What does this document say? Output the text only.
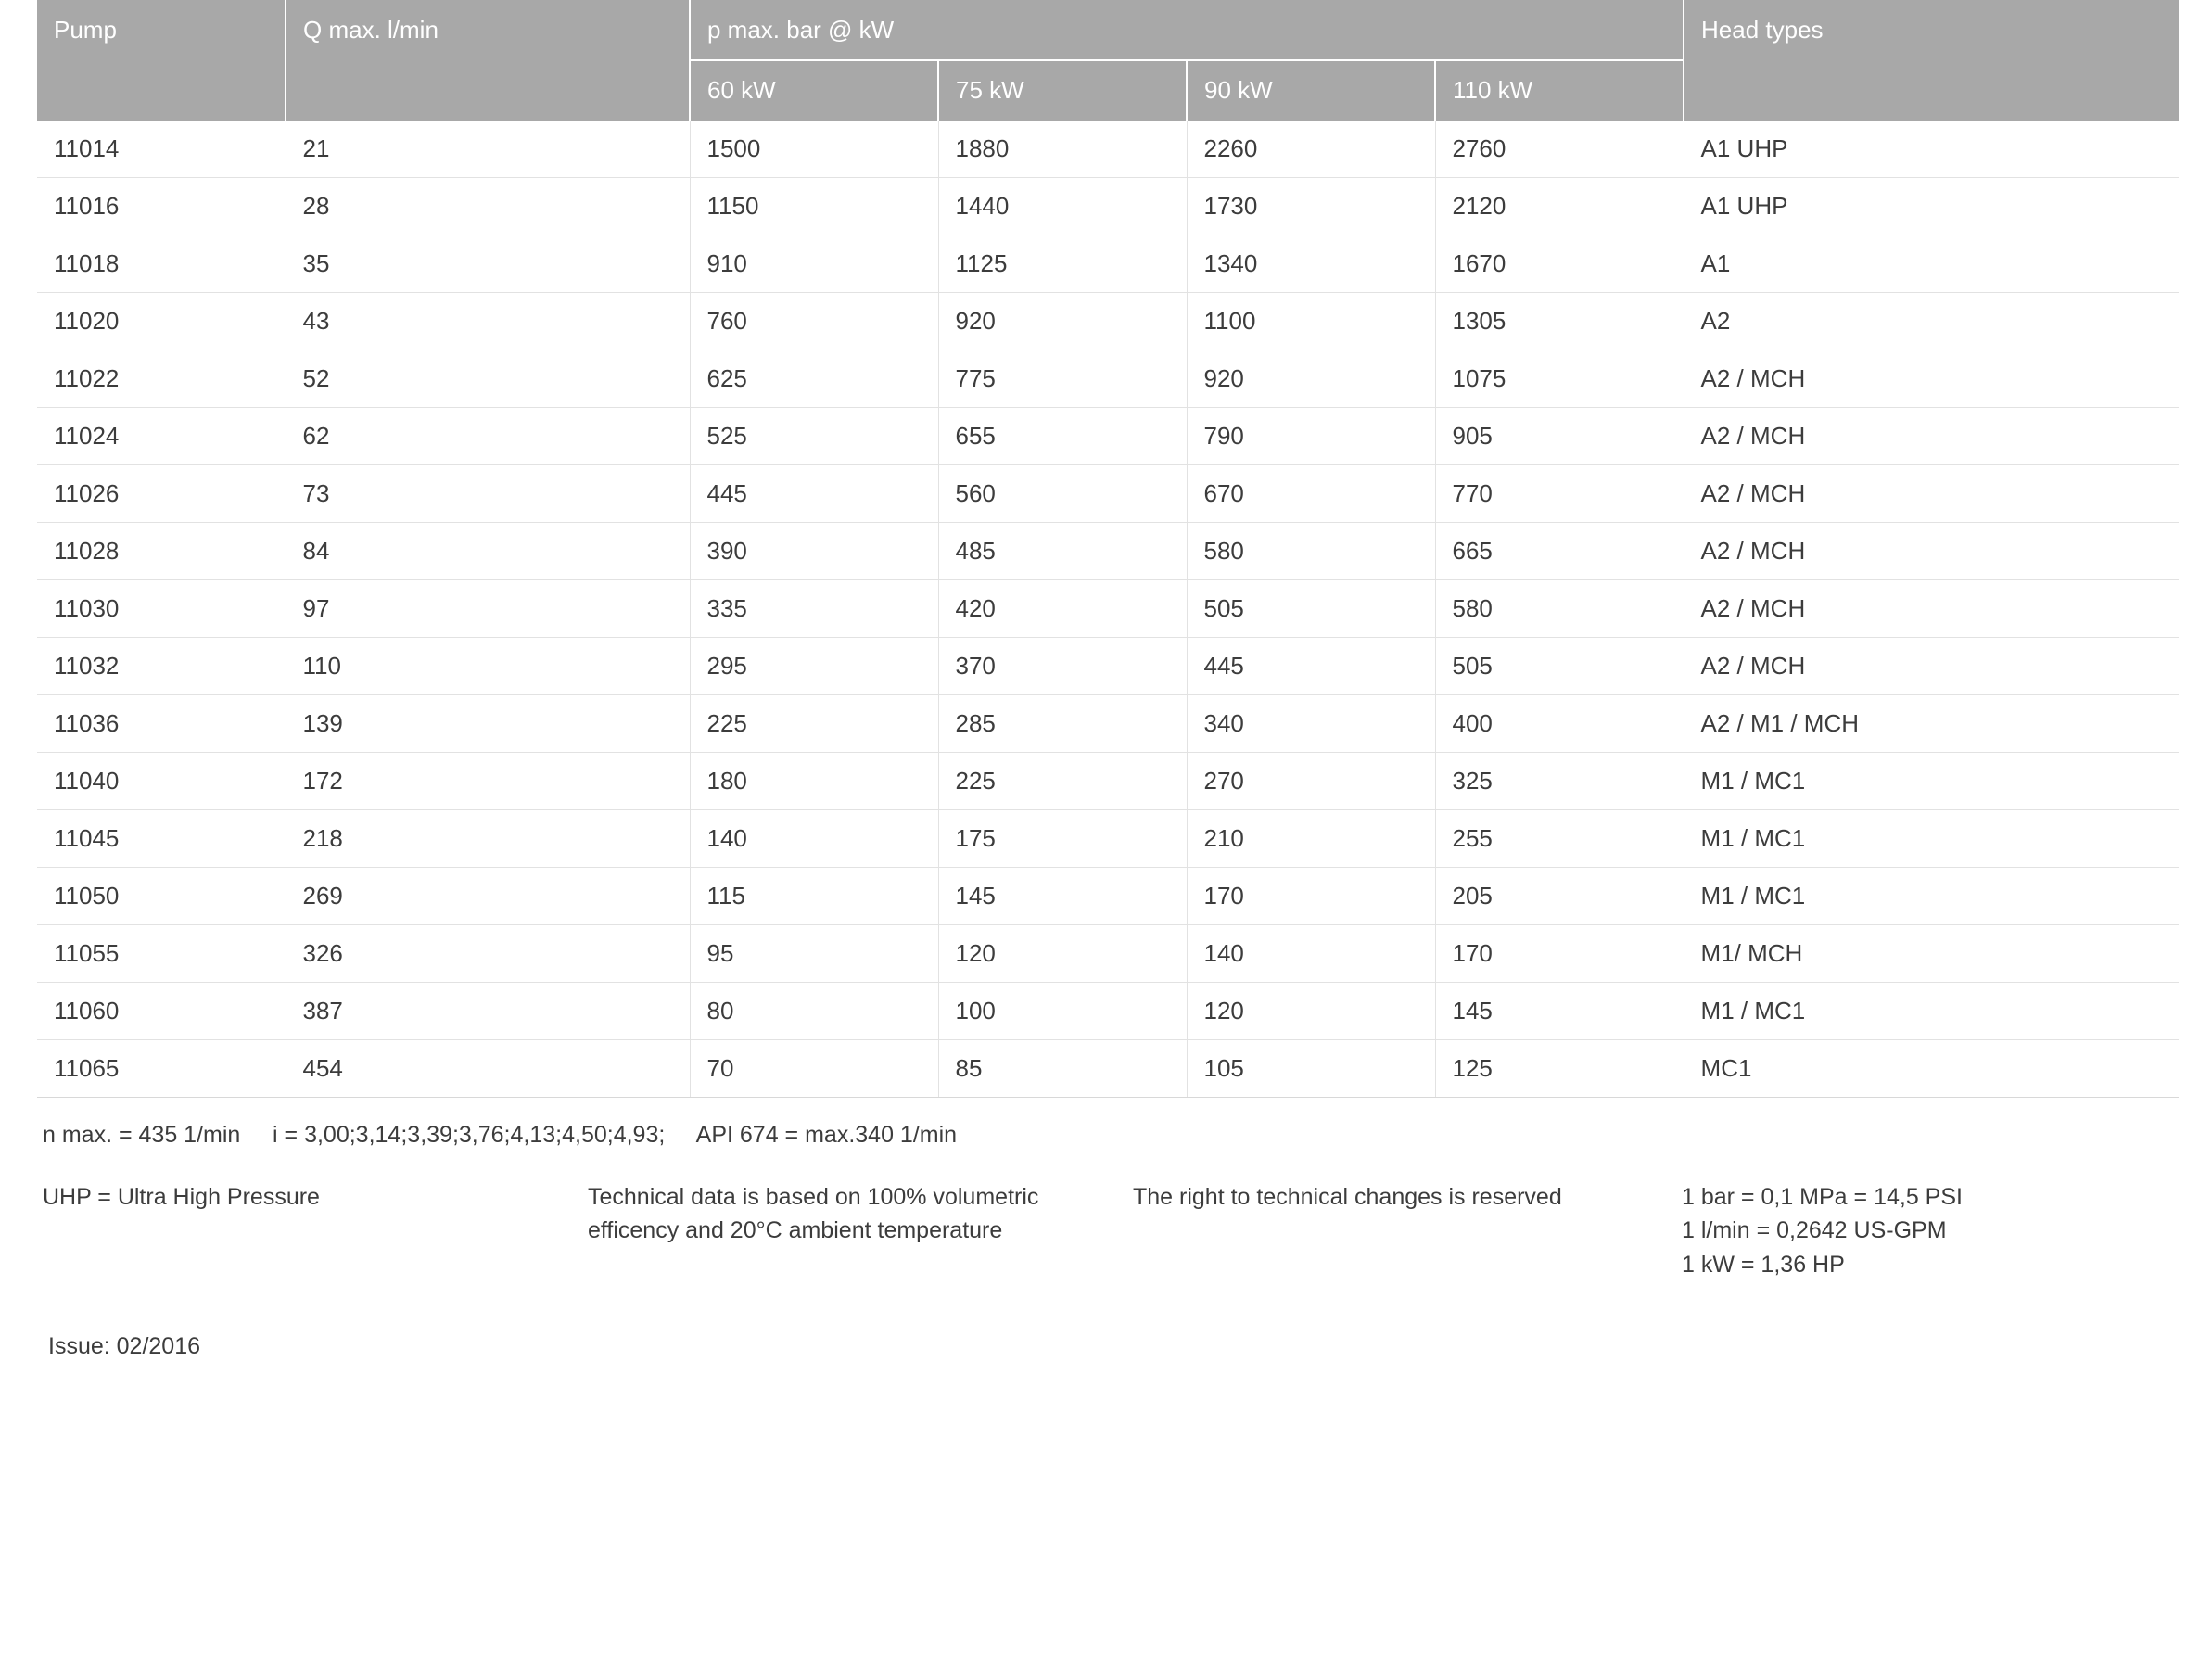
Pump	Q max. l/min	p max. bar @ kW				Head types
		60 kW	75 kW	90 kW	110 kW	
11014	21	1500	1880	2260	2760	A1 UHP
11016	28	1150	1440	1730	2120	A1 UHP
11018	35	910	1125	1340	1670	A1
11020	43	760	920	1100	1305	A2
11022	52	625	775	920	1075	A2 / MCH
11024	62	525	655	790	905	A2 / MCH
11026	73	445	560	670	770	A2 / MCH
11028	84	390	485	580	665	A2 / MCH
11030	97	335	420	505	580	A2 / MCH
11032	110	295	370	445	505	A2 / MCH
11036	139	225	285	340	400	A2 / M1 / MCH
11040	172	180	225	270	325	M1 / MC1
11045	218	140	175	210	255	M1 / MC1
11050	269	115	145	170	205	M1 / MC1
11055	326	95	120	140	170	M1/ MCH
11060	387	80	100	120	145	M1 / MC1
11065	454	70	85	105	125	MC1
n max. = 435 1/min     i = 3,00;3,14;3,39;3,76;4,13;4,50;4,93;     API 674 = max.340 1/min
UHP = Ultra High Pressure	Technical data is based on 100% volumetric efficency and 20°C ambient temperature
The right to technical changes is reserved	1 bar = 0,1 MPa = 14,5 PSI
1 l/min = 0,2642 US-GPM
1 kW = 1,36 HP
Issue: 02/2016
